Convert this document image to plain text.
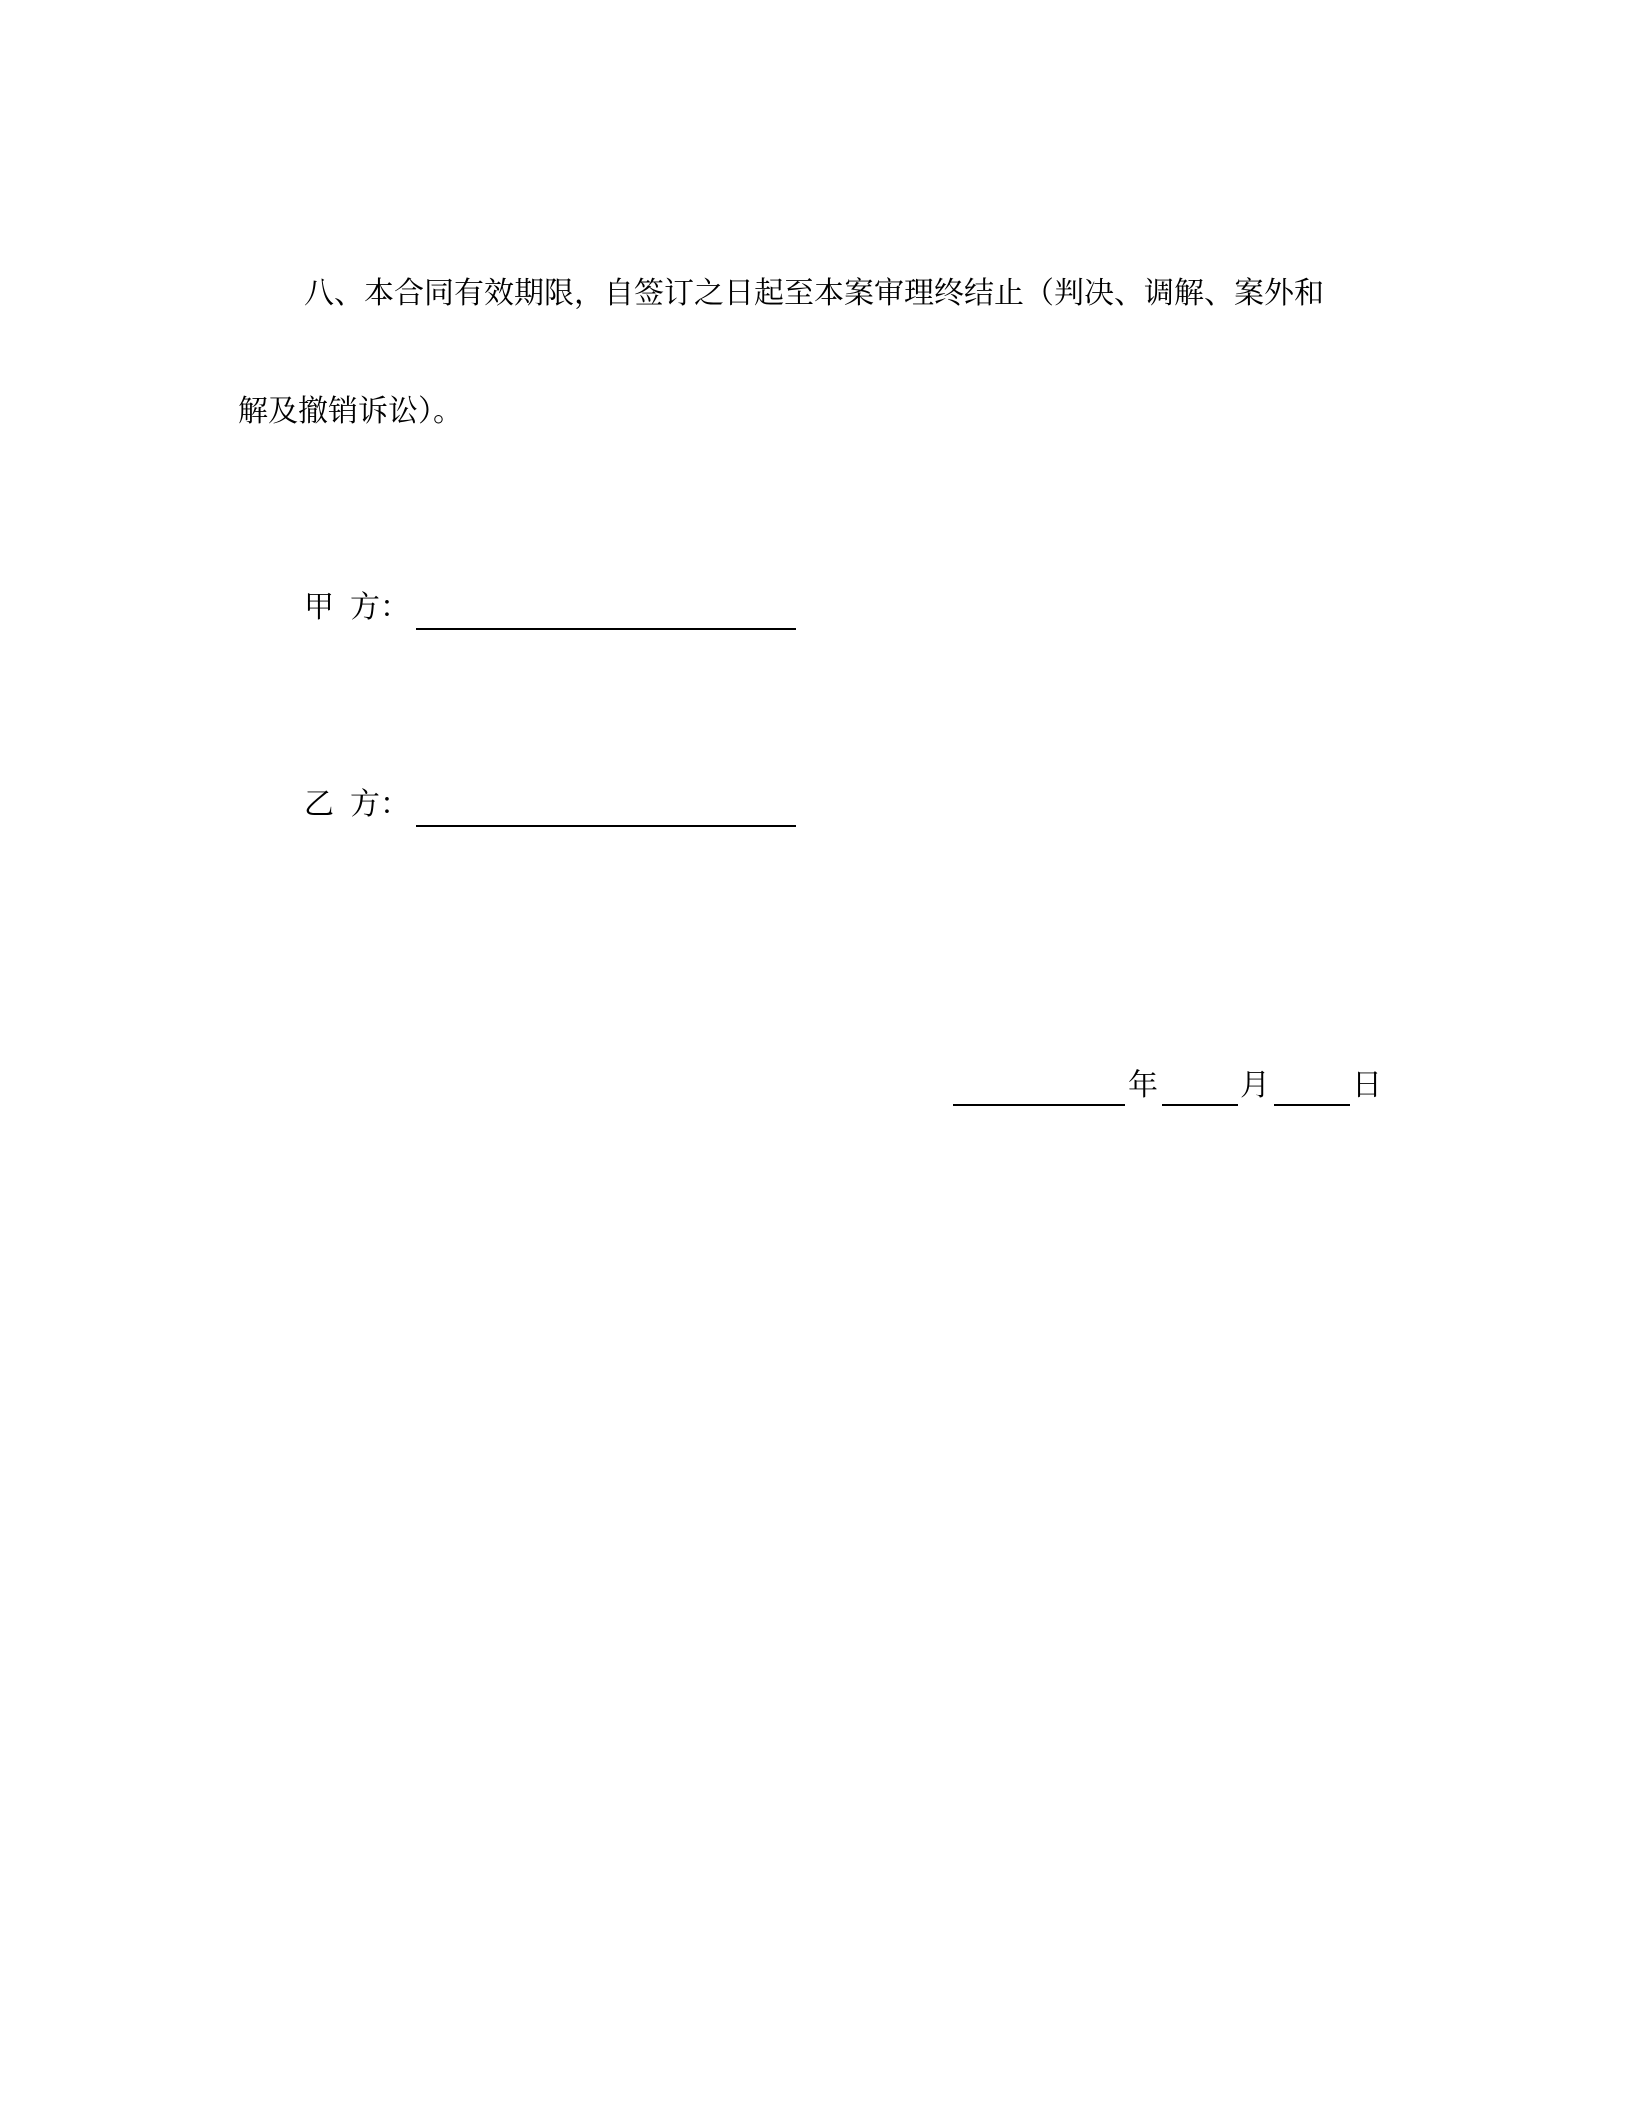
八、本合同有效期限，自签订之日起至本案审理终结止（判决、调解、案外和
解及撤销诉讼）。
甲 方：
乙 方：
年	月	日
